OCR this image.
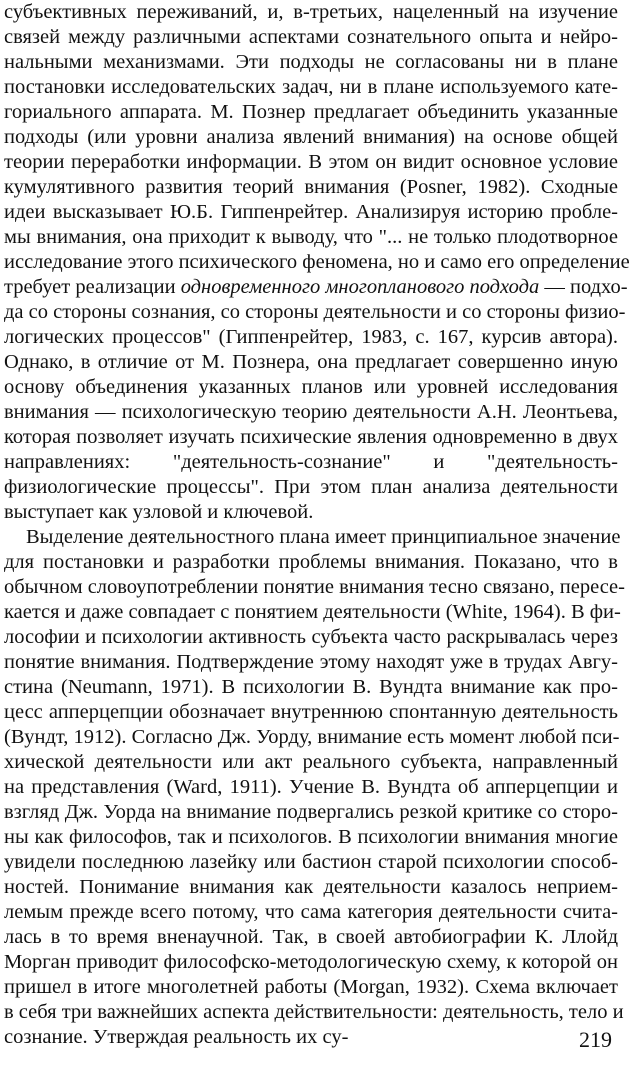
субъективных переживаний, и, в-третьих, нацеленный на изучение
связей между различными аспектами сознательного опыта и нейро-
нальными механизмами. Эти подходы не согласованы ни в плане
постановки исследовательских задач, ни в плане используемого кате-
гориального аппарата. М. Познер предлагает объединить указанные
подходы (или уровни анализа явлений внимания) на основе общей
теории переработки информации. В этом он видит основное условие
кумулятивного развития теорий внимания (Posner, 1982). Сходные
идеи высказывает Ю.Б. Гиппенрейтер. Анализируя историю пробле-
мы внимания, она приходит к выводу, что "... не только плодотворное
исследование этого психического феномена, но и само его определение
требует реализации одновременного многопланового подхода — подхо-
да со стороны сознания, со стороны деятельности и со стороны физио-
логических процессов" (Гиппенрейтер, 1983, с. 167, курсив автора).
Однако, в отличие от М. Познера, она предлагает совершенно иную
основу объединения указанных планов или уровней исследования
внимания — психологическую теорию деятельности А.Н. Леонтьева,
которая позволяет изучать психические явления одновременно в двух
направлениях: "деятельность-сознание" и "деятельность-
физиологические процессы". При этом план анализа деятельности
выступает как узловой и ключевой.
Выделение деятельностного плана имеет принципиальное значение
для постановки и разработки проблемы внимания. Показано, что в
обычном словоупотреблении понятие внимания тесно связано, пересе-
кается и даже совпадает с понятием деятельности (White, 1964). В фи-
лософии и психологии активность субъекта часто раскрывалась через
понятие внимания. Подтверждение этому находят уже в трудах Авгу-
стина (Neumann, 1971). В психологии В. Вундта внимание как про-
цесс апперцепции обозначает внутреннюю спонтанную деятельность
(Вундт, 1912). Согласно Дж. Уорду, внимание есть момент любой пси-
хической деятельности или акт реального субъекта, направленный
на представления (Ward, 1911). Учение В. Вундта об апперцепции и
взгляд Дж. Уорда на внимание подвергались резкой критике со сторо-
ны как философов, так и психологов. В психологии внимания многие
увидели последнюю лазейку или бастион старой психологии способ-
ностей. Понимание внимания как деятельности казалось неприем-
лемым прежде всего потому, что сама категория деятельности счита-
лась в то время вненаучной. Так, в своей автобиографии К. Ллойд
Морган приводит философско-методологическую схему, к которой он
пришел в итоге многолетней работы (Morgan, 1932). Схема включает
в себя три важнейших аспекта действительности: деятельность, тело и
сознание. Утверждая реальность их су-	219
